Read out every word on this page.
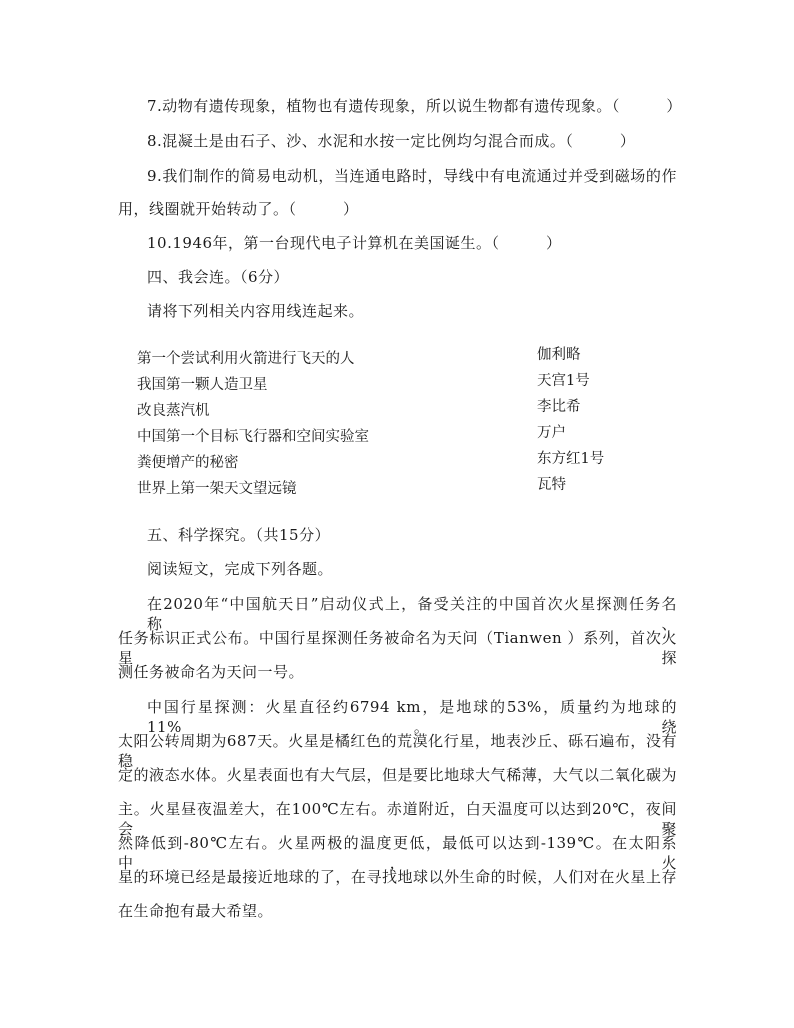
7.动物有遗传现象，植物也有遗传现象，所以说生物都有遗传现象。（　　　）
8.混凝土是由石子、沙、水泥和水按一定比例均匀混合而成。（　　　）
9.我们制作的简易电动机，当连通电路时，导线中有电流通过并受到磁场的作
用，线圈就开始转动了。（　　　）
10.1946年，第一台现代电子计算机在美国诞生。（　　　）
四、我会连。（6分）
请将下列相关内容用线连起来。
第一个尝试利用火箭进行飞天的人
我国第一颗人造卫星
改良蒸汽机
中国第一个目标飞行器和空间实验室
粪便增产的秘密
世界上第一架天文望远镜
伽利略
天宫1号
李比希
万户
东方红1号
瓦特
五、科学探究。（共15分）
阅读短文，完成下列各题。
在2020年“中国航天日”启动仪式上，备受关注的中国首次火星探测任务名称、
任务标识正式公布。中国行星探测任务被命名为天问（Tianwen ）系列，首次火星探
测任务被命名为天问一号。
中国行星探测：火星直径约6794 km，是地球的53%，质量约为地球的11%。绕
太阳公转周期为687天。火星是橘红色的荒漠化行星，地表沙丘、砾石遍布，没有稳
定的液态水体。火星表面也有大气层，但是要比地球大气稀薄，大气以二氧化碳为
主。火星昼夜温差大，在100℃左右。赤道附近，白天温度可以达到20℃，夜间会聚
然降低到-80℃左右。火星两极的温度更低，最低可以达到-139℃。在太阳系中，火
星的环境已经是最接近地球的了，在寻找地球以外生命的时候，人们对在火星上存
在生命抱有最大希望。
